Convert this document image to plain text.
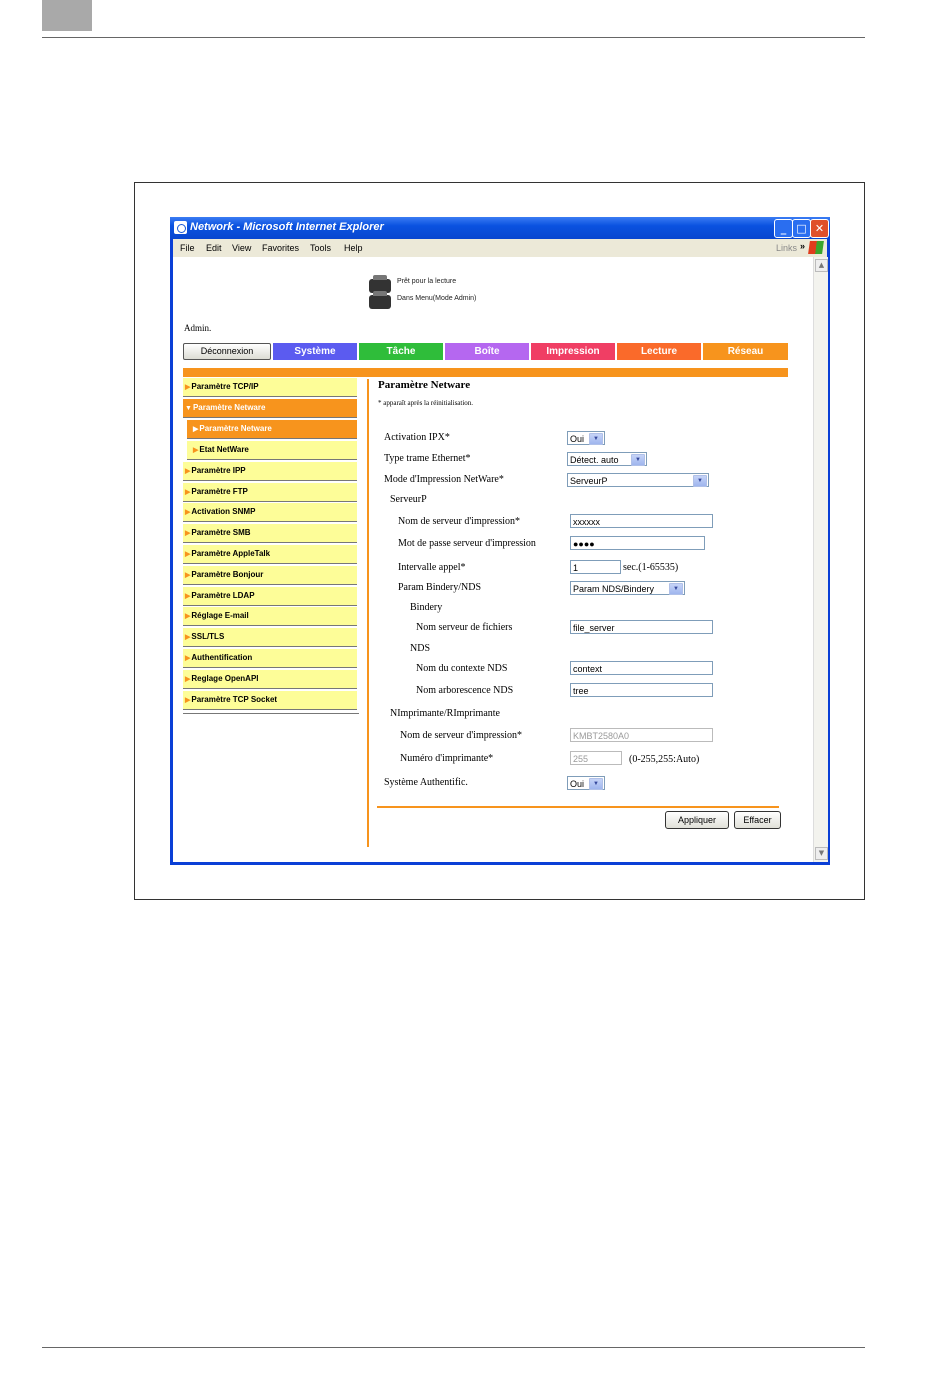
Network - Microsoft Internet Explorer	_ □ ✕
File Edit View Favorites Tools Help	Links »
Prêt pour la lecture
Dans Menu(Mode Admin)
Admin.
Déconnexion	Système	Tâche	Boîte	Impression	Lecture	Réseau
▶Paramètre TCP/IP
▼Paramètre Netware
▶Paramètre Netware
▶Etat NetWare
▶Paramètre IPP
▶Paramètre FTP
▶Activation SNMP
▶Paramètre SMB
▶Paramètre AppleTalk
▶Paramètre Bonjour
▶Paramètre LDAP
▶Réglage E-mail
▶SSL/TLS
▶Authentification
▶Reglage OpenAPI
▶Paramètre TCP Socket
Paramètre Netware
* apparaît après la réinitialisation.
Activation IPX*	Oui	▼
Type trame Ethernet*	Détect. auto	▼
Mode d'Impression NetWare*	ServeurP	▼
ServeurP
Nom de serveur d'impression*	xxxxxx
Mot de passe serveur d'impression	●●●●
Intervalle appel*	1	sec.(1-65535)
Param Bindery/NDS	Param NDS/Bindery	▼
Bindery
Nom serveur de fichiers	file_server
NDS
Nom du contexte NDS	context
Nom arborescence NDS	tree
NImprimante/RImprimante
Nom de serveur d'impression*	KMBT2580A0
Numéro d'imprimante*	255	(0-255,255:Auto)
Système Authentific.	Oui	▼
Appliquer	Effacer
▲
▼
